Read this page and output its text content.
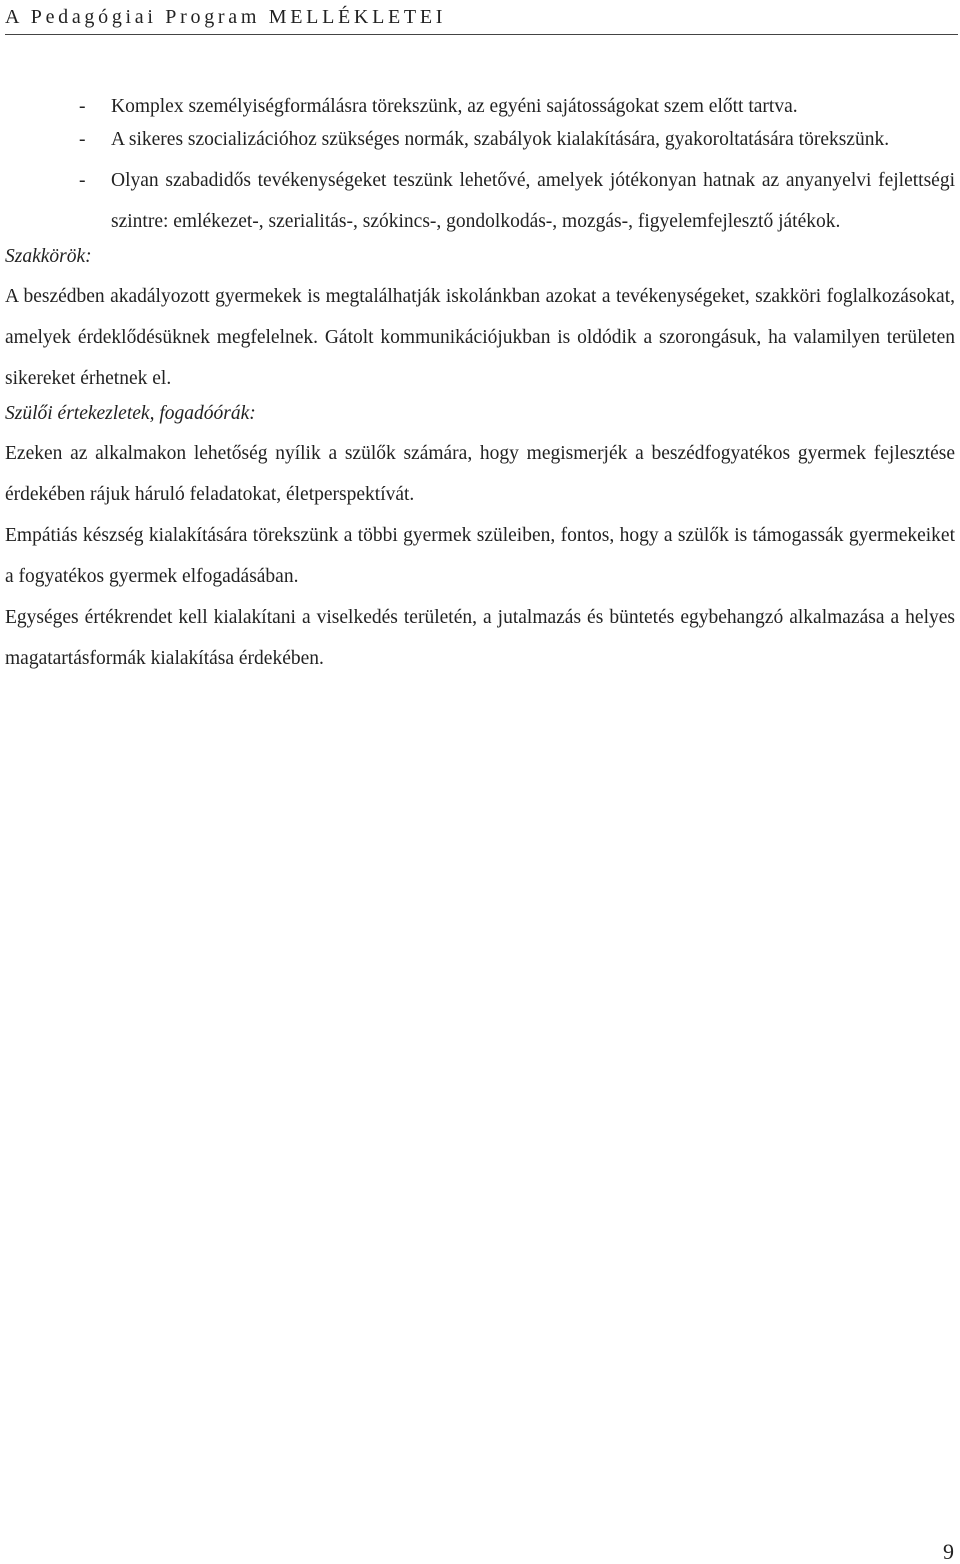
A Pedagógiai Program MELLÉKLETEI
- Komplex személyiségformálásra törekszünk, az egyéni sajátosságokat szem előtt tartva.
- A sikeres szocializációhoz szükséges normák, szabályok kialakítására, gyakoroltatására törekszünk.
- Olyan szabadidős tevékenységeket teszünk lehetővé, amelyek jótékonyan hatnak az anyanyelvi fejlettségi szintre: emlékezet-, szerialitás-, szókincs-, gondolkodás-, mozgás-, figyelemfejlesztő játékok.
Szakkörök:
A beszédben akadályozott gyermekek is megtalálhatják iskolánkban azokat a tevékenységeket, szakköri foglalkozásokat, amelyek érdeklődésüknek megfelelnek. Gátolt kommunikációjukban is oldódik a szorongásuk, ha valamilyen területen sikereket érhetnek el.
Szülői értekezletek, fogadóórák:
Ezeken az alkalmakon lehetőség nyílik a szülők számára, hogy megismerjék a beszédfogyatékos gyermek fejlesztése érdekében rájuk háruló feladatokat, életperspektívát.
Empátiás készség kialakítására törekszünk a többi gyermek szüleiben, fontos, hogy a szülők is támogassák gyermekeiket a fogyatékos gyermek elfogadásában.
Egységes értékrendet kell kialakítani a viselkedés területén, a jutalmazás és büntetés egybehangzó alkalmazása a helyes magatartásformák kialakítása érdekében.
9
